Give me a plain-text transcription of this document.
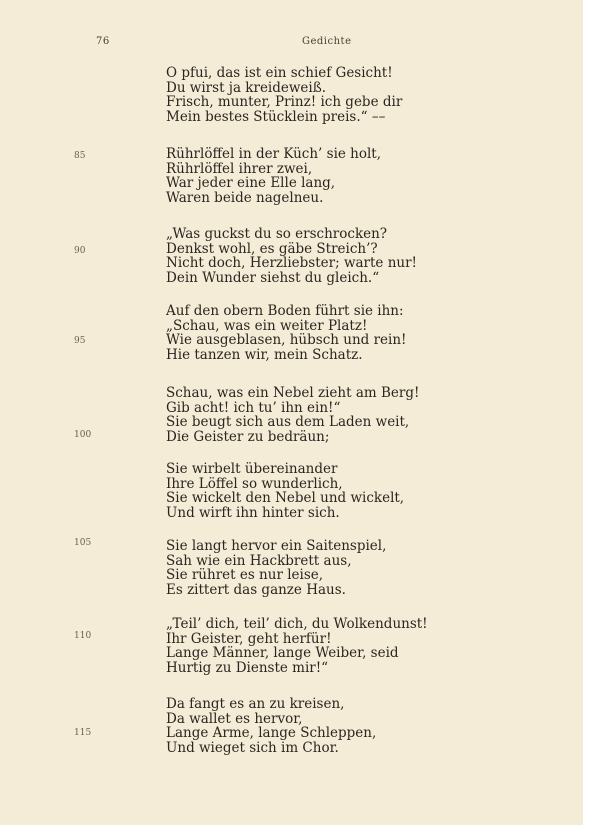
76	Gedichte
85
90
95
100
105
110
115
O pfui, das ist ein schief Gesicht!
Du wirst ja kreideweiß.
Frisch, munter, Prinz! ich gebe dir
Mein bestes Stücklein preis.“ ––
Rührlöffel in der Küch’ sie holt,
Rührlöffel ihrer zwei,
War jeder eine Elle lang,
Waren beide nagelneu.
„Was guckst du so erschrocken?
Denkst wohl, es gäbe Streich’?
Nicht doch, Herzliebster; warte nur!
Dein Wunder siehst du gleich.“
Auf den obern Boden führt sie ihn:
„Schau, was ein weiter Platz!
Wie ausgeblasen, hübsch und rein!
Hie tanzen wir, mein Schatz.
Schau, was ein Nebel zieht am Berg!
Gib acht! ich tu’ ihn ein!“
Sie beugt sich aus dem Laden weit,
Die Geister zu bedräun;
Sie wirbelt übereinander
Ihre Löffel so wunderlich,
Sie wickelt den Nebel und wickelt,
Und wirft ihn hinter sich.
Sie langt hervor ein Saitenspiel,
Sah wie ein Hackbrett aus,
Sie rühret es nur leise,
Es zittert das ganze Haus.
„Teil’ dich, teil’ dich, du Wolkendunst!
Ihr Geister, geht herfür!
Lange Männer, lange Weiber, seid
Hurtig zu Dienste mir!“
Da fangt es an zu kreisen,
Da wallet es hervor,
Lange Arme, lange Schleppen,
Und wieget sich im Chor.
